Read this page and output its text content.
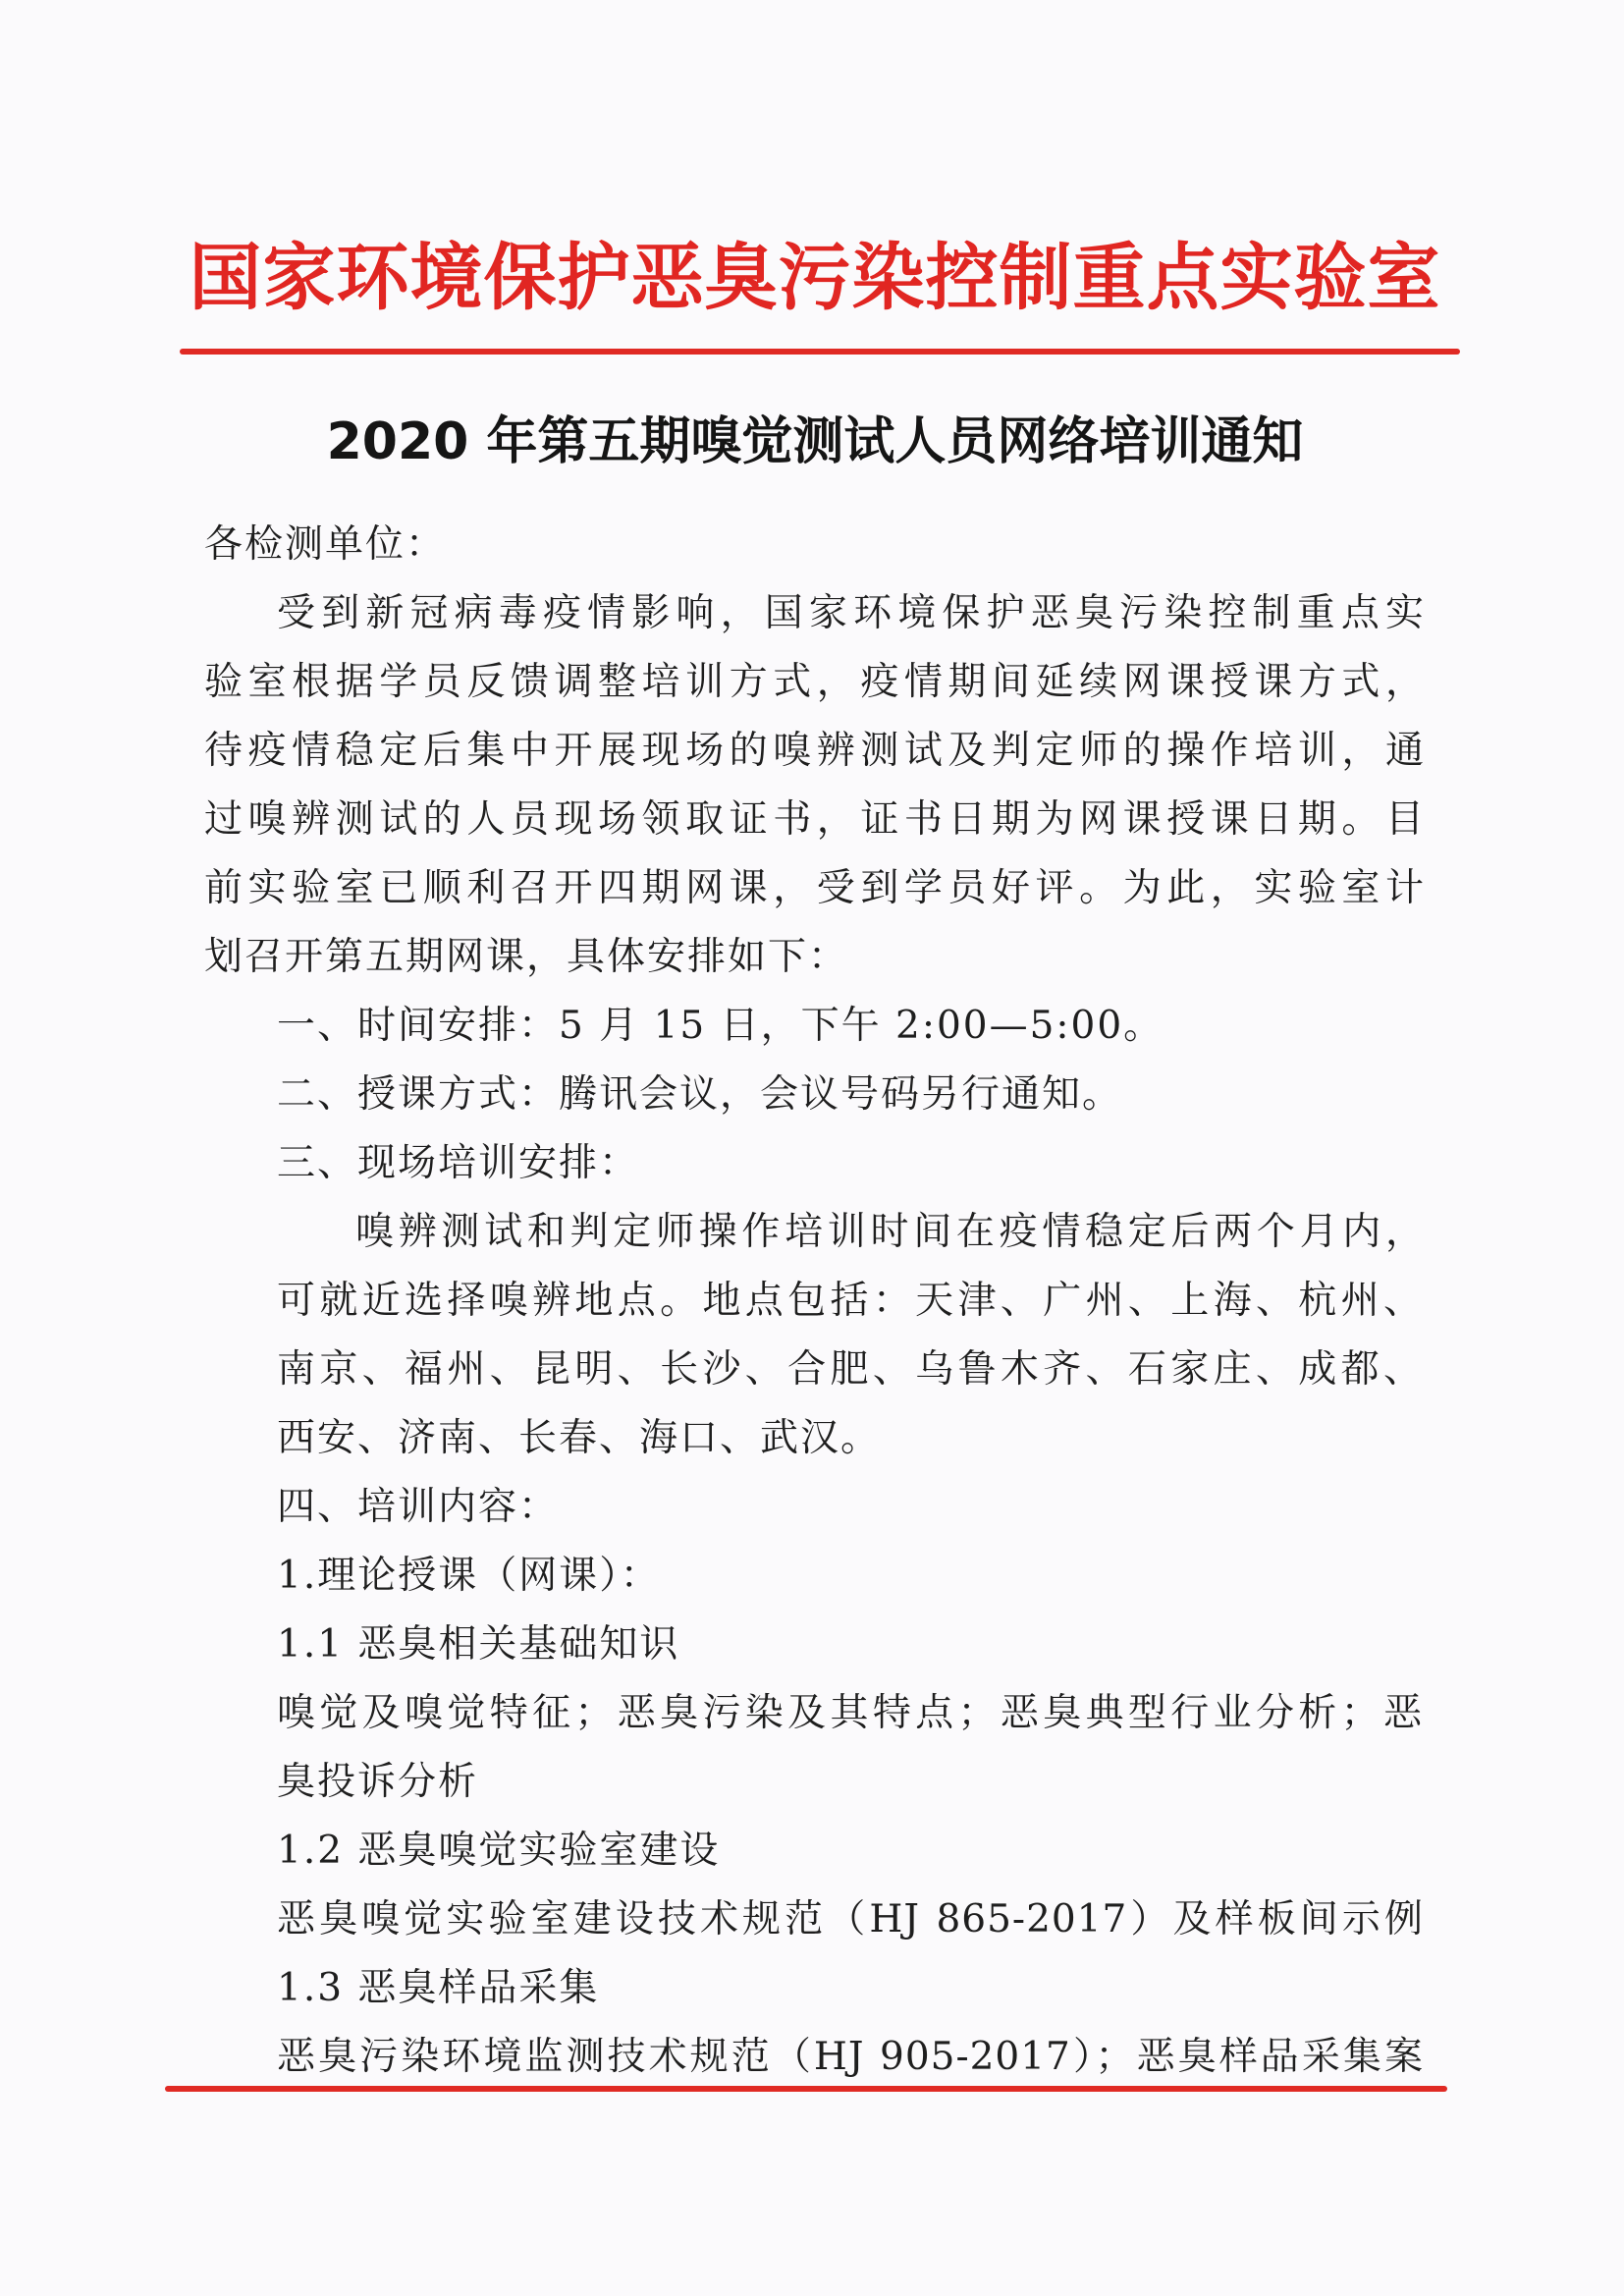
国家环境保护恶臭污染控制重点实验室
2020 年第五期嗅觉测试人员网络培训通知
各检测单位：
受到新冠病毒疫情影响，国家环境保护恶臭污染控制重点实
验室根据学员反馈调整培训方式，疫情期间延续网课授课方式，
待疫情稳定后集中开展现场的嗅辨测试及判定师的操作培训，通
过嗅辨测试的人员现场领取证书，证书日期为网课授课日期。目
前实验室已顺利召开四期网课，受到学员好评。为此，实验室计
划召开第五期网课，具体安排如下：
一、时间安排：5 月 15 日，下午 2:00—5:00。
二、授课方式：腾讯会议，会议号码另行通知。
三、现场培训安排：
嗅辨测试和判定师操作培训时间在疫情稳定后两个月内，
可就近选择嗅辨地点。地点包括：天津、广州、上海、杭州、
南京、福州、昆明、长沙、合肥、乌鲁木齐、石家庄、成都、
西安、济南、长春、海口、武汉。
四、培训内容：
1.理论授课（网课）：
1.1 恶臭相关基础知识
嗅觉及嗅觉特征；恶臭污染及其特点；恶臭典型行业分析；恶
臭投诉分析
1.2 恶臭嗅觉实验室建设
恶臭嗅觉实验室建设技术规范（HJ 865-2017）及样板间示例
1.3 恶臭样品采集
恶臭污染环境监测技术规范（HJ 905-2017）；恶臭样品采集案
